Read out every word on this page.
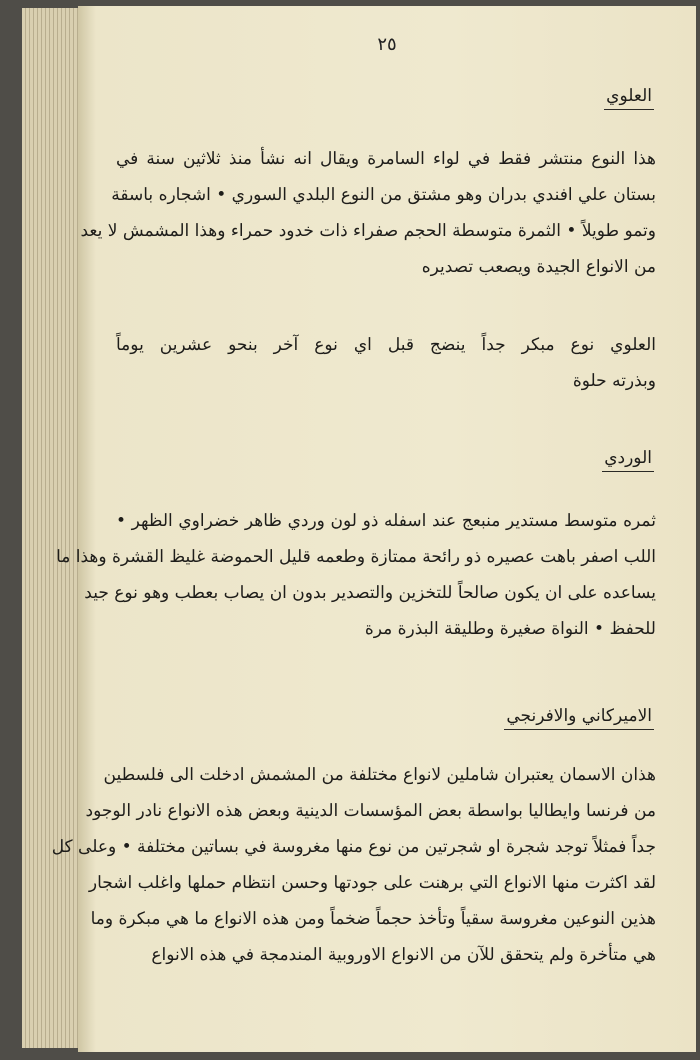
٢٥
العلوي
هذا النوع منتشر فقط في لواء السامرة ويقال انه نشأ منذ ثلاثين سنة في
بستان علي افندي بدران وهو مشتق من النوع البلدي السوري • اشجاره باسقة
وتمو طويلاً • الثمرة متوسطة الحجم صفراء ذات خدود حمراء وهذا المشمش لا يعد
من الانواع الجيدة ويصعب تصديره
العلوي نوع مبكر جداً ينضج قبل اي نوع آخر بنحو عشرين يوماً
وبذرته حلوة
الوردي
ثمره متوسط مستدير منبعج عند اسفله ذو لون وردي ظاهر خضراوي الظهر •
اللب اصفر باهت عصيره ذو رائحة ممتازة وطعمه قليل الحموضة غليظ القشرة وهذا ما
يساعده على ان يكون صالحاً للتخزين والتصدير بدون ان يصاب بعطب وهو نوع جيد
للحفظ • النواة صغيرة وطليقة البذرة مرة
الاميركاني والافرنجي
هذان الاسمان يعتبران شاملين لانواع مختلفة من المشمش ادخلت الى فلسطين
من فرنسا وايطاليا بواسطة بعض المؤسسات الدينية وبعض هذه الانواع نادر الوجود
جداً فمثلاً توجد شجرة او شجرتين من نوع منها مغروسة في بساتين مختلفة • وعلى كل
لقد اكثرت منها الانواع التي برهنت على جودتها وحسن انتظام حملها واغلب اشجار
هذين النوعين مغروسة سقياً وتأخذ حجماً ضخماً ومن هذه الانواع ما هي مبكرة وما
هي متأخرة ولم يتحقق للآن من الانواع الاوروبية المندمجة في هذه الانواع
